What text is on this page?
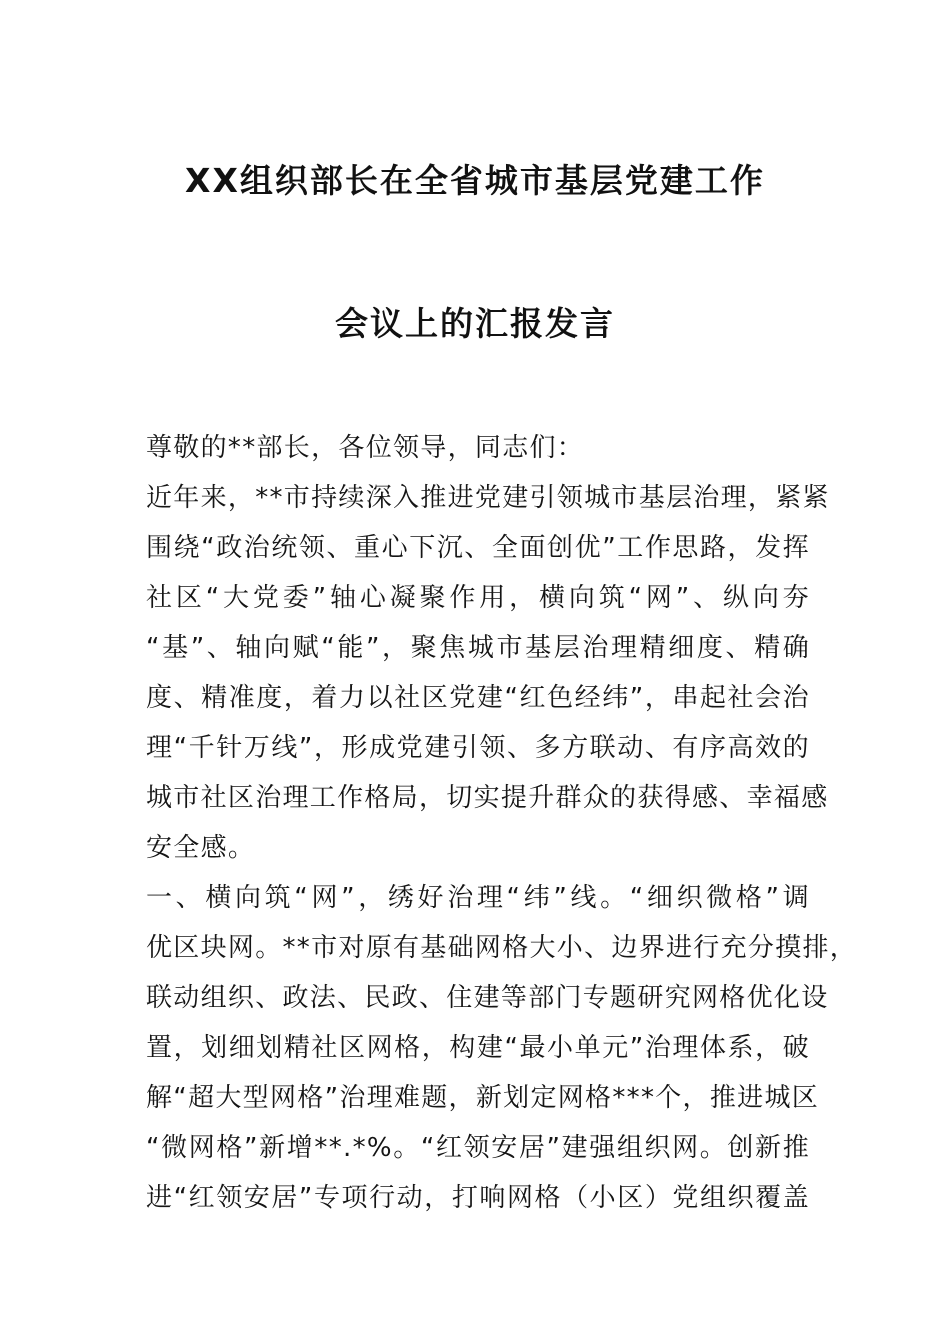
XX组织部长在全省城市基层党建工作
会议上的汇报发言
尊敬的**部长，各位领导，同志们：
近年来，**市持续深入推进党建引领城市基层治理，紧紧
围绕“政治统领、重心下沉、全面创优”工作思路，发挥
社区“大党委”轴心凝聚作用，横向筑“网”、纵向夯
“基”、轴向赋“能”，聚焦城市基层治理精细度、精确
度、精准度，着力以社区党建“红色经纬”，串起社会治
理“千针万线”，形成党建引领、多方联动、有序高效的
城市社区治理工作格局，切实提升群众的获得感、幸福感
安全感。
一、横向筑“网”，绣好治理“纬”线。“细织微格”调
优区块网。**市对原有基础网格大小、边界进行充分摸排，
联动组织、政法、民政、住建等部门专题研究网格优化设
置，划细划精社区网格，构建“最小单元”治理体系，破
解“超大型网格”治理难题，新划定网格***个，推进城区
“微网格”新增**.*%。“红领安居”建强组织网。创新推
进“红领安居”专项行动，打响网格（小区）党组织覆盖
